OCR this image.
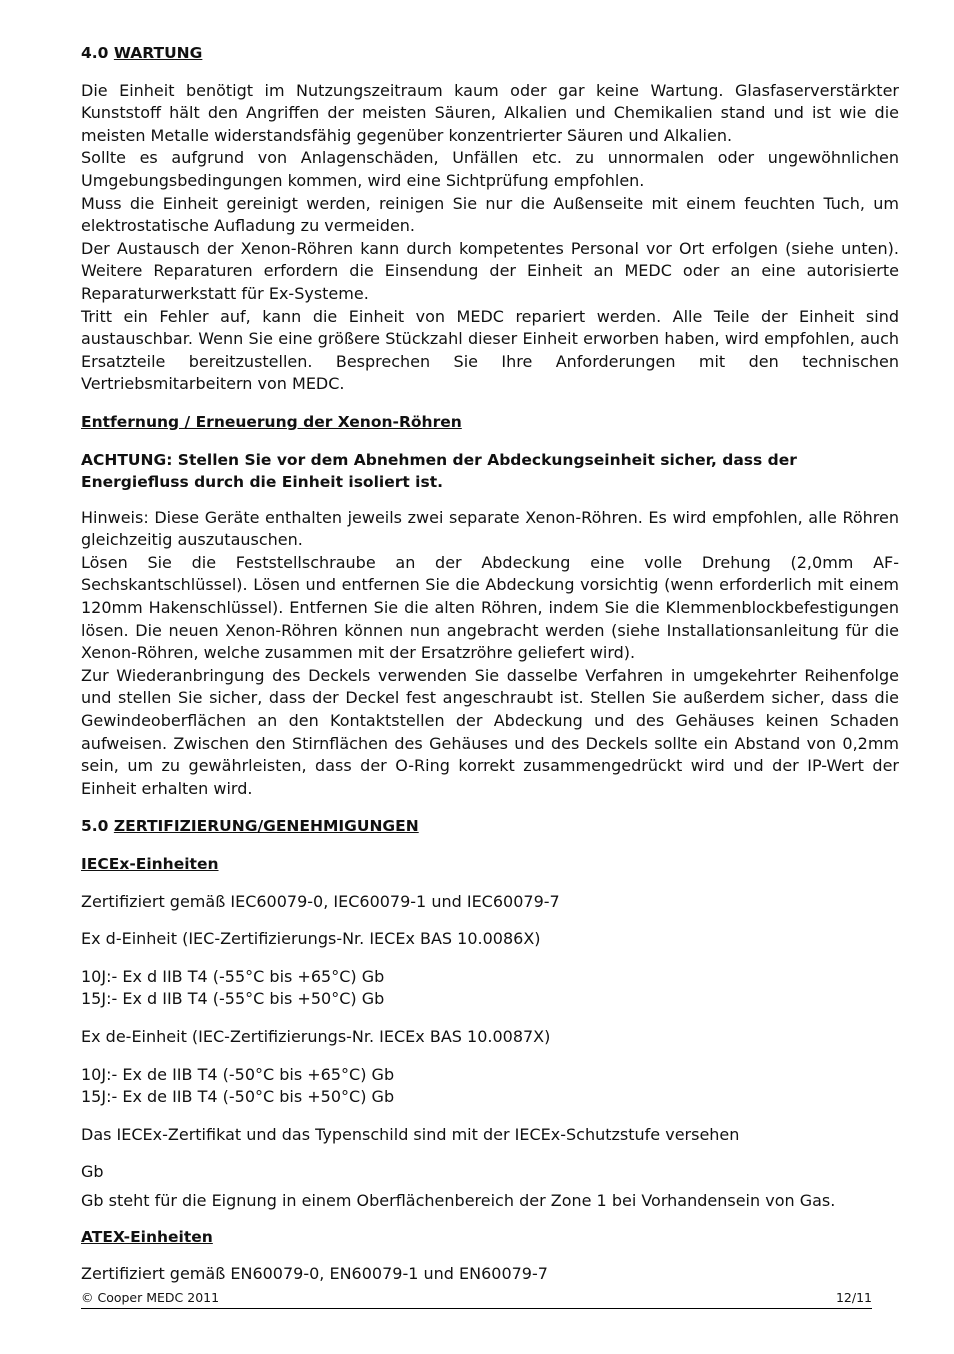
4.0 WARTUNG

Die Einheit benötigt im Nutzungszeitraum kaum oder gar keine Wartung. Glasfaserverstärkter Kunststoff hält den Angriffen der meisten Säuren, Alkalien und Chemikalien stand und ist wie die meisten Metalle widerstandsfähig gegenüber konzentrierter Säuren und Alkalien.

Sollte es aufgrund von Anlagenschäden, Unfällen etc. zu unnormalen oder ungewöhnlichen Umgebungsbedingungen kommen, wird eine Sichtprüfung empfohlen.

Muss die Einheit gereinigt werden, reinigen Sie nur die Außenseite mit einem feuchten Tuch, um elektrostatische Aufladung zu vermeiden.

Der Austausch der Xenon-Röhren kann durch kompetentes Personal vor Ort erfolgen (siehe unten). Weitere Reparaturen erfordern die Einsendung der Einheit an MEDC oder an eine autorisierte Reparaturwerkstatt für Ex-Systeme.

Tritt ein Fehler auf, kann die Einheit von MEDC repariert werden. Alle Teile der Einheit sind austauschbar. Wenn Sie eine größere Stückzahl dieser Einheit erworben haben, wird empfohlen, auch Ersatzteile bereitzustellen. Besprechen Sie Ihre Anforderungen mit den technischen Vertriebsmitarbeitern von MEDC.

Entfernung / Erneuerung der Xenon-Röhren

ACHTUNG: Stellen Sie vor dem Abnehmen der Abdeckungseinheit sicher, dass der Energiefluss durch die Einheit isoliert ist.

Hinweis: Diese Geräte enthalten jeweils zwei separate Xenon-Röhren. Es wird empfohlen, alle Röhren gleichzeitig auszutauschen.

Lösen Sie die Feststellschraube an der Abdeckung eine volle Drehung (2,0mm AF-Sechskantschlüssel). Lösen und entfernen Sie die Abdeckung vorsichtig (wenn erforderlich mit einem 120mm Hakenschlüssel). Entfernen Sie die alten Röhren, indem Sie die Klemmenblockbefestigungen lösen. Die neuen Xenon-Röhren können nun angebracht werden (siehe Installationsanleitung für die Xenon-Röhren, welche zusammen mit der Ersatzröhre geliefert wird).

Zur Wiederanbringung des Deckels verwenden Sie dasselbe Verfahren in umgekehrter Reihenfolge und stellen Sie sicher, dass der Deckel fest angeschraubt ist. Stellen Sie außerdem sicher, dass die Gewindeoberflächen an den Kontaktstellen der Abdeckung und des Gehäuses keinen Schaden aufweisen. Zwischen den Stirnflächen des Gehäuses und des Deckels sollte ein Abstand von 0,2mm sein, um zu gewährleisten, dass der O-Ring korrekt zusammengedrückt wird und der IP-Wert der Einheit erhalten wird.

5.0 ZERTIFIZIERUNG/GENEHMIGUNGEN

IECEx-Einheiten

Zertifiziert gemäß IEC60079-0, IEC60079-1 und IEC60079-7

Ex d-Einheit (IEC-Zertifizierungs-Nr. IECEx BAS 10.0086X)

10J:- Ex d IIB T4 (-55°C bis +65°C) Gb

15J:- Ex d IIB T4 (-55°C bis +50°C) Gb

Ex de-Einheit (IEC-Zertifizierungs-Nr. IECEx BAS 10.0087X)

10J:- Ex de IIB T4 (-50°C bis +65°C) Gb

15J:- Ex de IIB T4 (-50°C bis +50°C) Gb

Das IECEx-Zertifikat und das Typenschild sind mit der IECEx-Schutzstufe versehen

Gb

Gb steht für die Eignung in einem Oberflächenbereich der Zone 1 bei Vorhandensein von Gas.

ATEX-Einheiten

Zertifiziert gemäß EN60079-0, EN60079-1 und EN60079-7

© Cooper MEDC 2011	12/11
